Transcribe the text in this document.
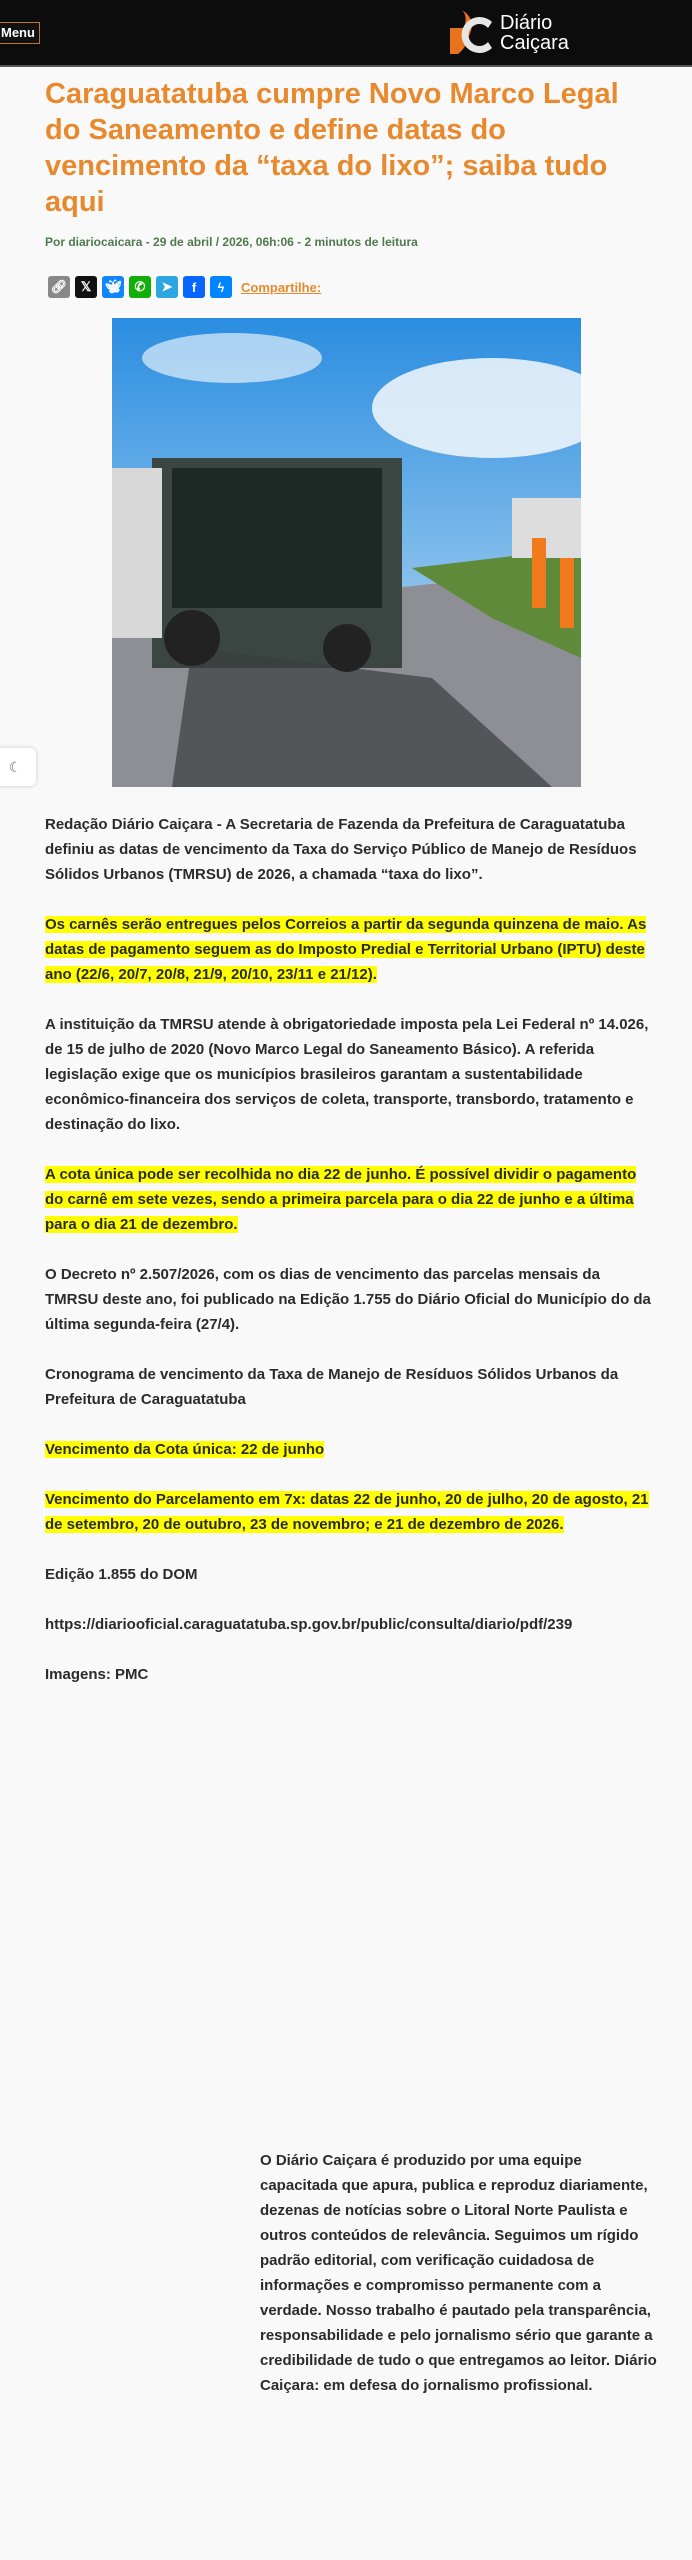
Menu	Diário
Caiçara
Caraguatatuba cumpre Novo Marco Legal do Saneamento e define datas do vencimento da “taxa do lixo”; saiba tudo aqui
Por diariocaicara - 29 de abril / 2026, 06h:06 - 2 minutos de leitura
🔗︎	𝕏	🦋︎	✆	➤	f	ϟ	Compartilhe:

Redação Diário Caiçara - A Secretaria de Fazenda da Prefeitura de Caraguatatuba definiu as datas de vencimento da Taxa do Serviço Público de Manejo de Resíduos Sólidos Urbanos (TMRSU) de 2026, a chamada “taxa do lixo”.

Os carnês serão entregues pelos Correios a partir da segunda quinzena de maio. As datas de pagamento seguem as do Imposto Predial e Territorial Urbano (IPTU) deste ano (22/6, 20/7, 20/8, 21/9, 20/10, 23/11 e 21/12).

A instituição da TMRSU atende à obrigatoriedade imposta pela Lei Federal nº 14.026, de 15 de julho de 2020 (Novo Marco Legal do Saneamento Básico). A referida legislação exige que os municípios brasileiros garantam a sustentabilidade econômico-financeira dos serviços de coleta, transporte, transbordo, tratamento e destinação do lixo.

A cota única pode ser recolhida no dia 22 de junho. É possível dividir o pagamento do carnê em sete vezes, sendo a primeira parcela para o dia 22 de junho e a última para o dia 21 de dezembro.

O Decreto nº 2.507/2026, com os dias de vencimento das parcelas mensais da TMRSU deste ano, foi publicado na Edição 1.755 do Diário Oficial do Município do da última segunda-feira (27/4).

Cronograma de vencimento da Taxa de Manejo de Resíduos Sólidos Urbanos da Prefeitura de Caraguatatuba

Vencimento da Cota única: 22 de junho

Vencimento do Parcelamento em 7x: datas 22 de junho, 20 de julho, 20 de agosto, 21 de setembro, 20 de outubro, 23 de novembro; e 21 de dezembro de 2026.

Edição 1.855 do DOM

https://diariooficial.caraguatatuba.sp.gov.br/public/consulta/diario/pdf/239

Imagens: PMC

☾

O Diário Caiçara é produzido por uma equipe capacitada que apura, publica e reproduz diariamente, dezenas de notícias sobre o Litoral Norte Paulista e outros conteúdos de relevância. Seguimos um rígido padrão editorial, com verificação cuidadosa de informações e compromisso permanente com a verdade. Nosso trabalho é pautado pela transparência, responsabilidade e pelo jornalismo sério que garante a credibilidade de tudo o que entregamos ao leitor. Diário Caiçara: em defesa do jornalismo profissional.
